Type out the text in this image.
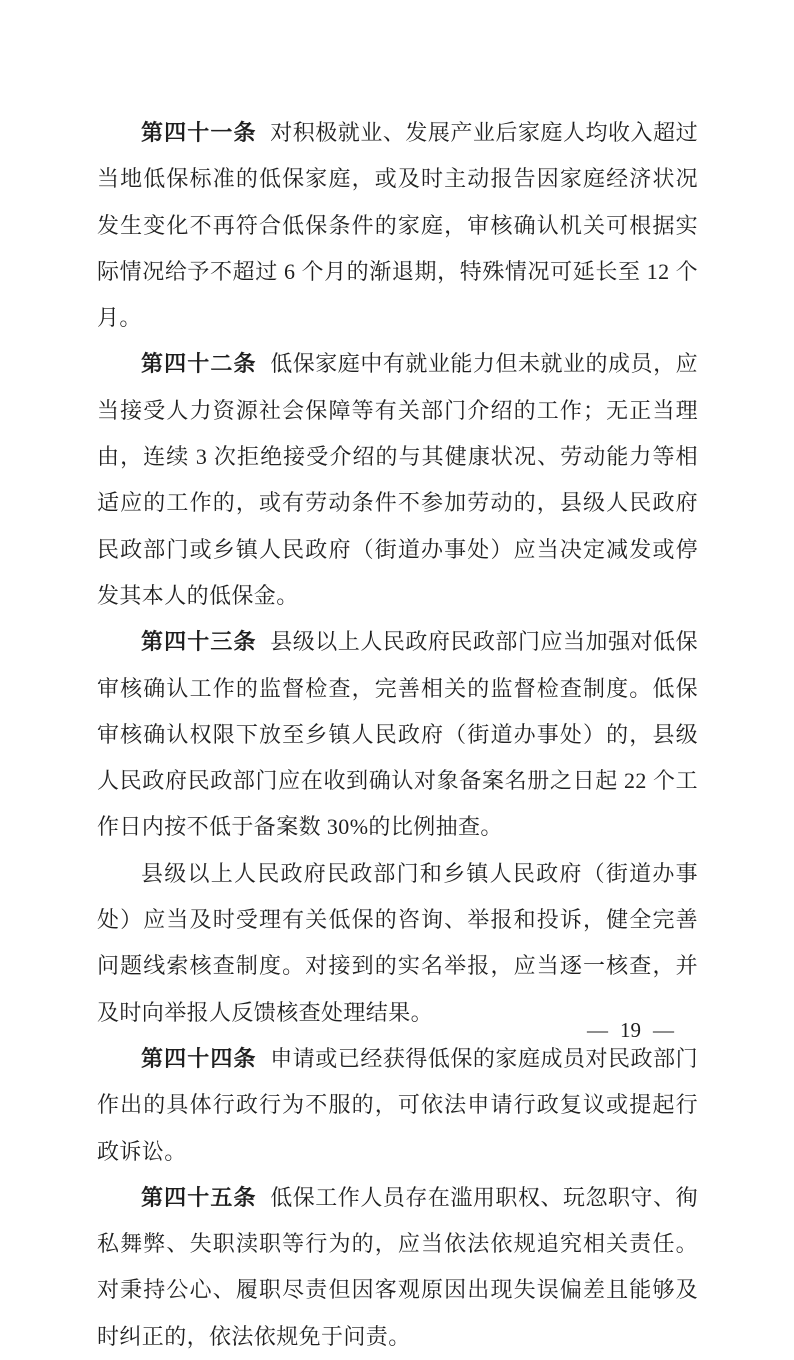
第四十一条 对积极就业、发展产业后家庭人均收入超过当地低保标准的低保家庭，或及时主动报告因家庭经济状况发生变化不再符合低保条件的家庭，审核确认机关可根据实际情况给予不超过 6 个月的渐退期，特殊情况可延长至 12 个月。

第四十二条 低保家庭中有就业能力但未就业的成员，应当接受人力资源社会保障等有关部门介绍的工作；无正当理由，连续 3 次拒绝接受介绍的与其健康状况、劳动能力等相适应的工作的，或有劳动条件不参加劳动的，县级人民政府民政部门或乡镇人民政府（街道办事处）应当决定减发或停发其本人的低保金。

第四十三条 县级以上人民政府民政部门应当加强对低保审核确认工作的监督检查，完善相关的监督检查制度。低保审核确认权限下放至乡镇人民政府（街道办事处）的，县级人民政府民政部门应在收到确认对象备案名册之日起 22 个工作日内按不低于备案数 30%的比例抽查。

县级以上人民政府民政部门和乡镇人民政府（街道办事处）应当及时受理有关低保的咨询、举报和投诉，健全完善问题线索核查制度。对接到的实名举报，应当逐一核查，并及时向举报人反馈核查处理结果。

第四十四条 申请或已经获得低保的家庭成员对民政部门作出的具体行政行为不服的，可依法申请行政复议或提起行政诉讼。

第四十五条 低保工作人员存在滥用职权、玩忽职守、徇私舞弊、失职渎职等行为的，应当依法依规追究相关责任。对秉持公心、履职尽责但因客观原因出现失误偏差且能够及时纠正的，依法依规免于问责。

— 19 —
